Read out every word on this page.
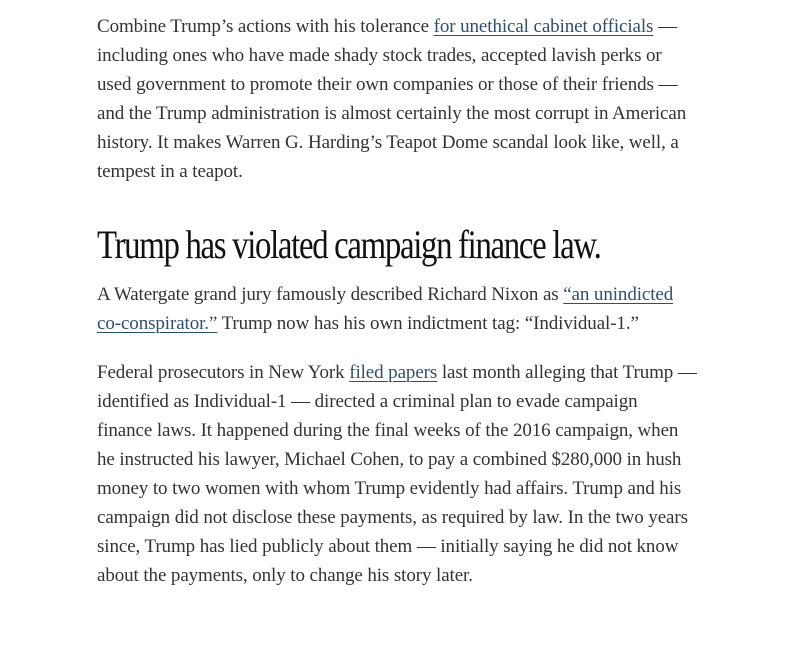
Combine Trump’s actions with his tolerance for unethical cabinet officials — including ones who have made shady stock trades, accepted lavish perks or used government to promote their own companies or those of their friends — and the Trump administration is almost certainly the most corrupt in American history. It makes Warren G. Harding’s Teapot Dome scandal look like, well, a tempest in a teapot.

Trump has violated campaign finance law.

A Watergate grand jury famously described Richard Nixon as “an unindicted co-conspirator.” Trump now has his own indictment tag: “Individual-1.”

Federal prosecutors in New York filed papers last month alleging that Trump — identified as Individual-1 — directed a criminal plan to evade campaign finance laws. It happened during the final weeks of the 2016 campaign, when he instructed his lawyer, Michael Cohen, to pay a combined $280,000 in hush money to two women with whom Trump evidently had affairs. Trump and his campaign did not disclose these payments, as required by law. In the two years since, Trump has lied publicly about them — initially saying he did not know about the payments, only to change his story later.
